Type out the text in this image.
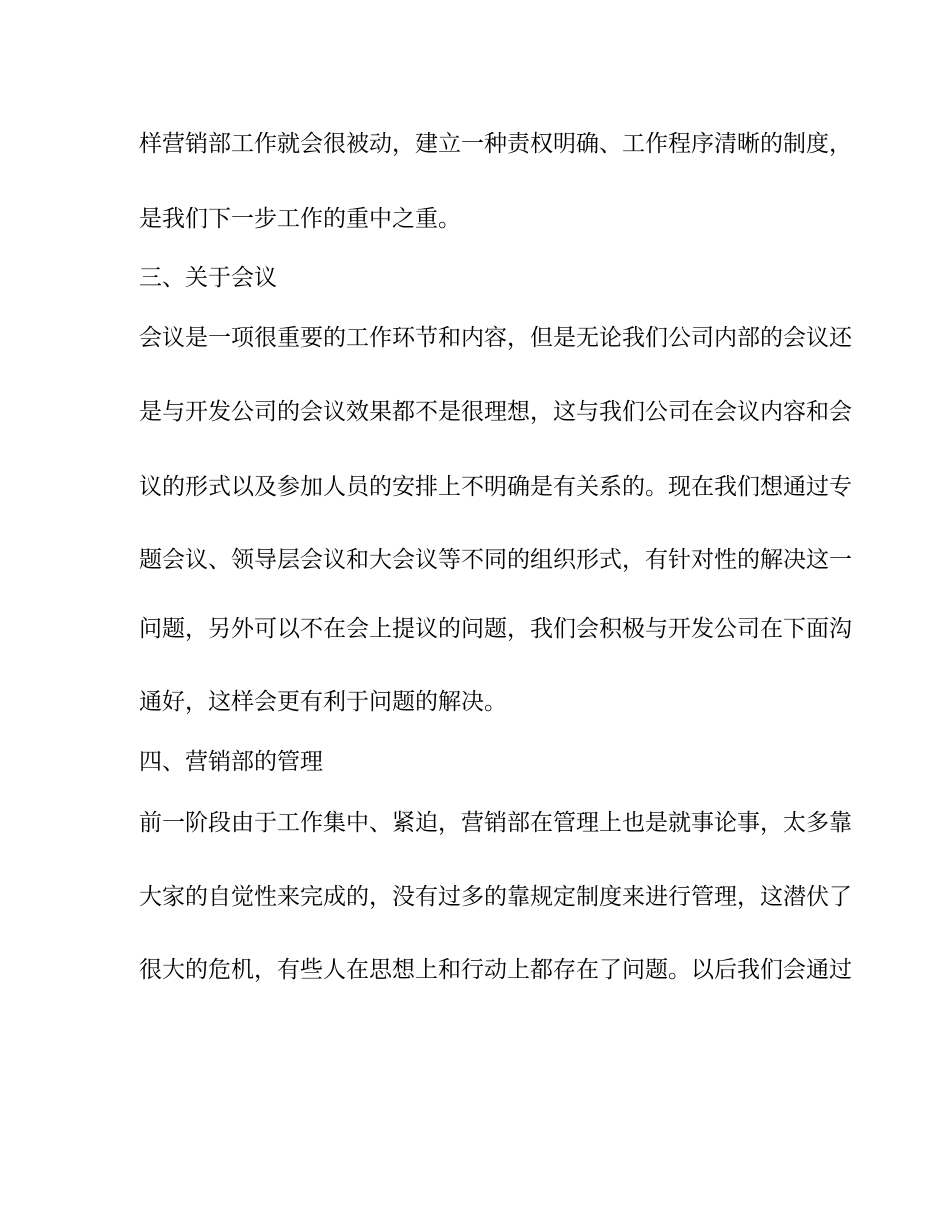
样营销部工作就会很被动，建立一种责权明确、工作程序清晰的制度，

是我们下一步工作的重中之重。

三、关于会议

会议是一项很重要的工作环节和内容，但是无论我们公司内部的会议还

是与开发公司的会议效果都不是很理想，这与我们公司在会议内容和会

议的形式以及参加人员的安排上不明确是有关系的。现在我们想通过专

题会议、领导层会议和大会议等不同的组织形式，有针对性的解决这一

问题，另外可以不在会上提议的问题，我们会积极与开发公司在下面沟

通好，这样会更有利于问题的解决。

四、营销部的管理

前一阶段由于工作集中、紧迫，营销部在管理上也是就事论事，太多靠

大家的自觉性来完成的，没有过多的靠规定制度来进行管理，这潜伏了

很大的危机，有些人在思想上和行动上都存在了问题。以后我们会通过
